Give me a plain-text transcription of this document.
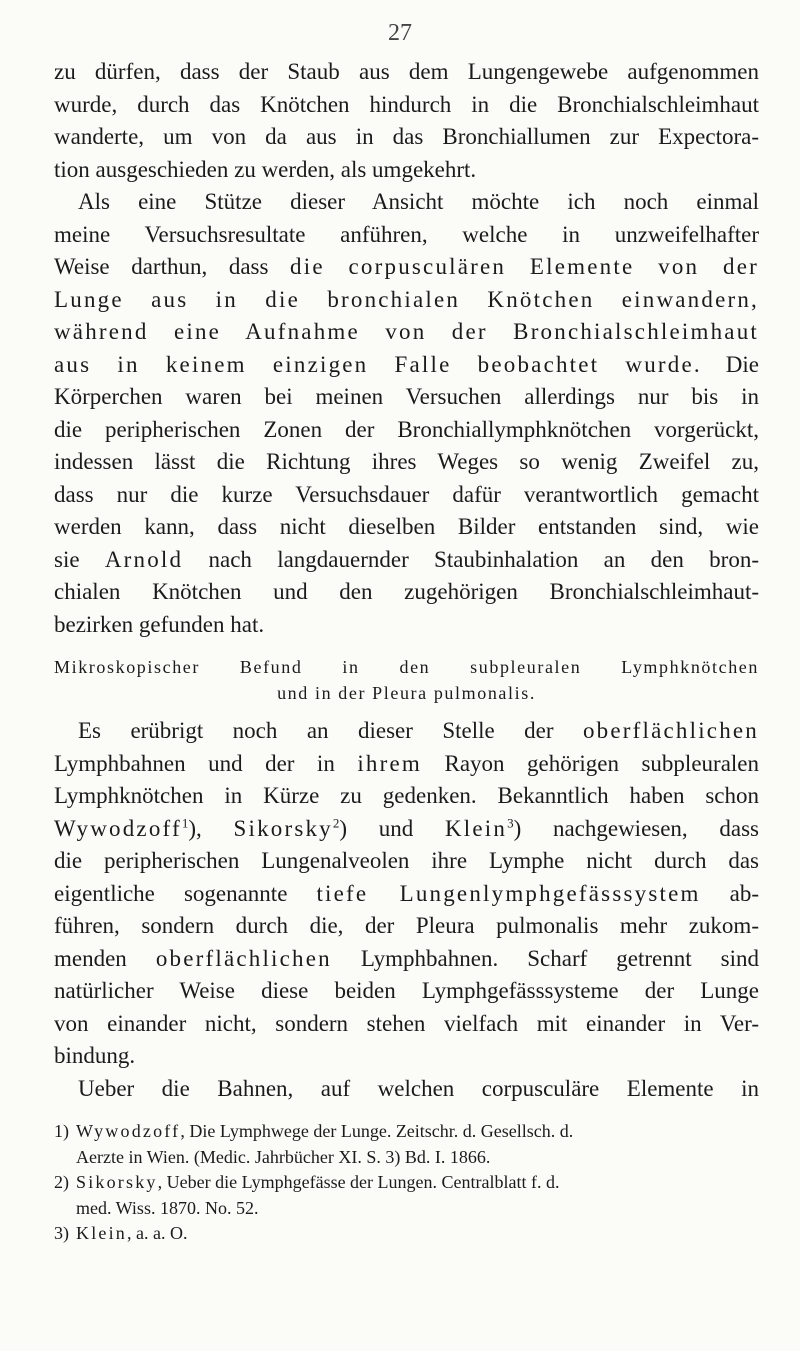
27
zu dürfen, dass der Staub aus dem Lungengewebe aufgenommen
wurde, durch das Knötchen hindurch in die Bronchialschleimhaut
wanderte, um von da aus in das Bronchiallumen zur Expectora-
tion ausgeschieden zu werden, als umgekehrt.
Als eine Stütze dieser Ansicht möchte ich noch einmal
meine Versuchsresultate anführen, welche in unzweifelhafter
Weise darthun, dass die corpusculären Elemente von der
Lunge aus in die bronchialen Knötchen einwandern,
während eine Aufnahme von der Bronchialschleimhaut
aus in keinem einzigen Falle beobachtet wurde. Die
Körperchen waren bei meinen Versuchen allerdings nur bis in
die peripherischen Zonen der Bronchiallymphknötchen vorgerückt,
indessen lässt die Richtung ihres Weges so wenig Zweifel zu,
dass nur die kurze Versuchsdauer dafür verantwortlich gemacht
werden kann, dass nicht dieselben Bilder entstanden sind, wie
sie Arnold nach langdauernder Staubinhalation an den bron-
chialen Knötchen und den zugehörigen Bronchialschleimhaut-
bezirken gefunden hat.
Mikroskopischer Befund in den subpleuralen Lymphknötchen
und in der Pleura pulmonalis.
Es erübrigt noch an dieser Stelle der oberflächlichen
Lymphbahnen und der in ihrem Rayon gehörigen subpleuralen
Lymphknötchen in Kürze zu gedenken. Bekanntlich haben schon
Wywodzoff$^1$), Sikorsky$^2$) und Klein$^3$) nachgewiesen, dass
die peripherischen Lungenalveolen ihre Lymphe nicht durch das
eigentliche sogenannte tiefe Lungenlymphgefässsystem ab-
führen, sondern durch die, der Pleura pulmonalis mehr zukom-
menden oberflächlichen Lymphbahnen. Scharf getrennt sind
natürlicher Weise diese beiden Lymphgefässsysteme der Lunge
von einander nicht, sondern stehen vielfach mit einander in Ver-
bindung.
Ueber die Bahnen, auf welchen corpusculäre Elemente in
1) Wywodzoff, Die Lymphwege der Lunge. Zeitschr. d. Gesellsch. d.
Aerzte in Wien. (Medic. Jahrbücher XI. S. 3) Bd. I. 1866.
2) Sikorsky, Ueber die Lymphgefässe der Lungen. Centralblatt f. d.
med. Wiss. 1870. No. 52.
3) Klein, a. a. O.
